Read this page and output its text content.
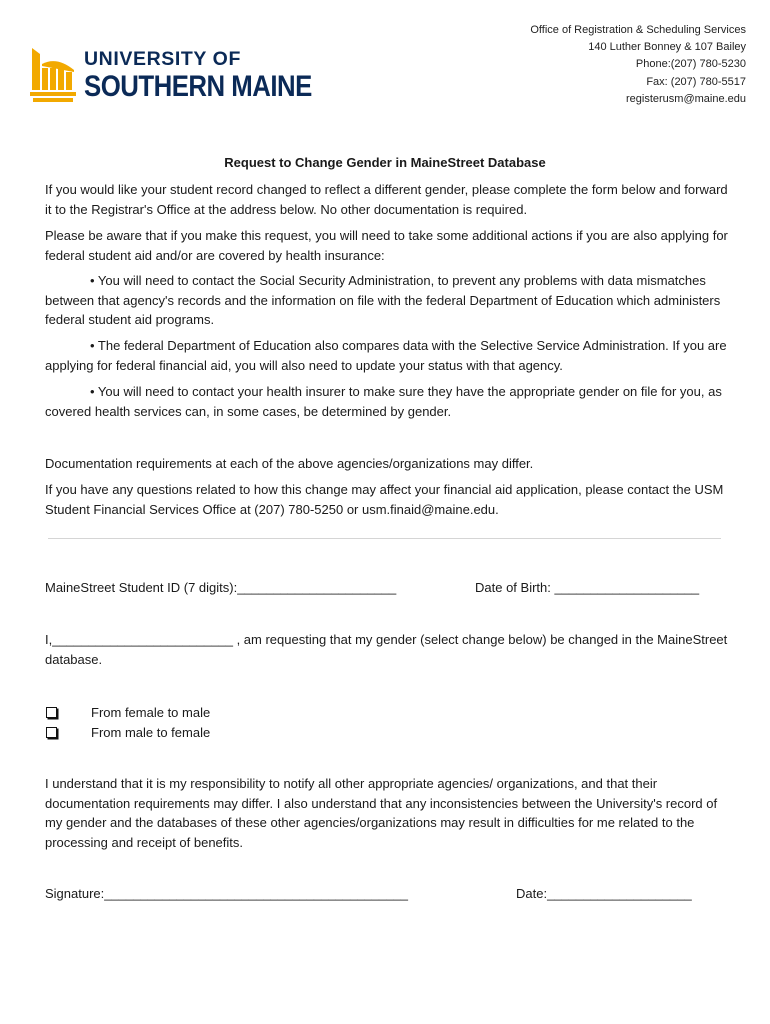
UNIVERSITY OF
SOUTHERN MAINE
Office of Registration & Scheduling Services
140 Luther Bonney & 107 Bailey
Phone:(207) 780-5230
Fax: (207) 780-5517
registerusm@maine.edu
Request to Change Gender in MaineStreet Database
If you would like your student record changed to reflect a different gender, please complete the form below and forward it to the Registrar's Office at the address below. No other documentation is required.
Please be aware that if you make this request, you will need to take some additional actions if you are also applying for federal student aid and/or are covered by health insurance:
• You will need to contact the Social Security Administration, to prevent any problems with data mismatches between that agency's records and the information on file with the federal Department of Education which administers federal student aid programs.
• The federal Department of Education also compares data with the Selective Service Administration. If you are applying for federal financial aid, you will also need to update your status with that agency.
• You will need to contact your health insurer to make sure they have the appropriate gender on file for you, as covered health services can, in some cases, be determined by gender.
Documentation requirements at each of the above agencies/organizations may differ.
If you have any questions related to how this change may affect your financial aid application, please contact the USM Student Financial Services Office at (207) 780-5250 or usm.finaid@maine.edu.
MaineStreet Student ID (7 digits):______________________	Date of Birth: ____________________
I,_________________________ , am requesting that my gender (select change below) be changed in the MaineStreet database.
From female to male
From male to female
I understand that it is my responsibility to notify all other appropriate agencies/ organizations, and that their documentation requirements may differ. I also understand that any inconsistencies between the University's record of my gender and the databases of these other agencies/organizations may result in difficulties for me related to the processing and receipt of benefits.
Signature:__________________________________________	Date:____________________
